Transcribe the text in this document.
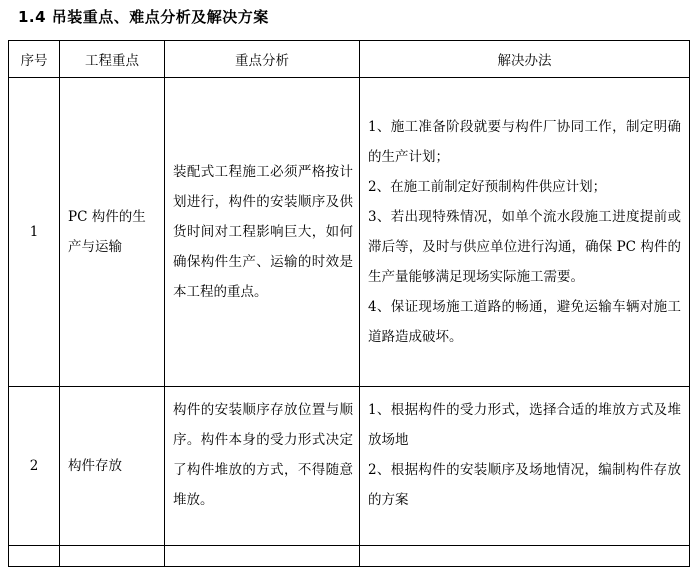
1.4 吊装重点、难点分析及解决方案
序号	工程重点	重点分析	解决办法
1	PC 构件的生产与运输	装配式工程施工必须严格按计划进行，构件的安装顺序及供货时间对工程影响巨大，如何确保构件生产、运输的时效是本工程的重点。	1、施工准备阶段就要与构件厂协同工作，制定明确的生产计划；
2、在施工前制定好预制构件供应计划；
3、若出现特殊情况，如单个流水段施工进度提前或滞后等，及时与供应单位进行沟通，确保 PC 构件的生产量能够满足现场实际施工需要。
4、保证现场施工道路的畅通，避免运输车辆对施工道路造成破坏。

2	构件存放	构件的安装顺序存放位置与顺序。构件本身的受力形式决定了构件堆放的方式，不得随意堆放。	1、根据构件的受力形式，选择合适的堆放方式及堆放场地
2、根据构件的安装顺序及场地情况，编制构件存放的方案
